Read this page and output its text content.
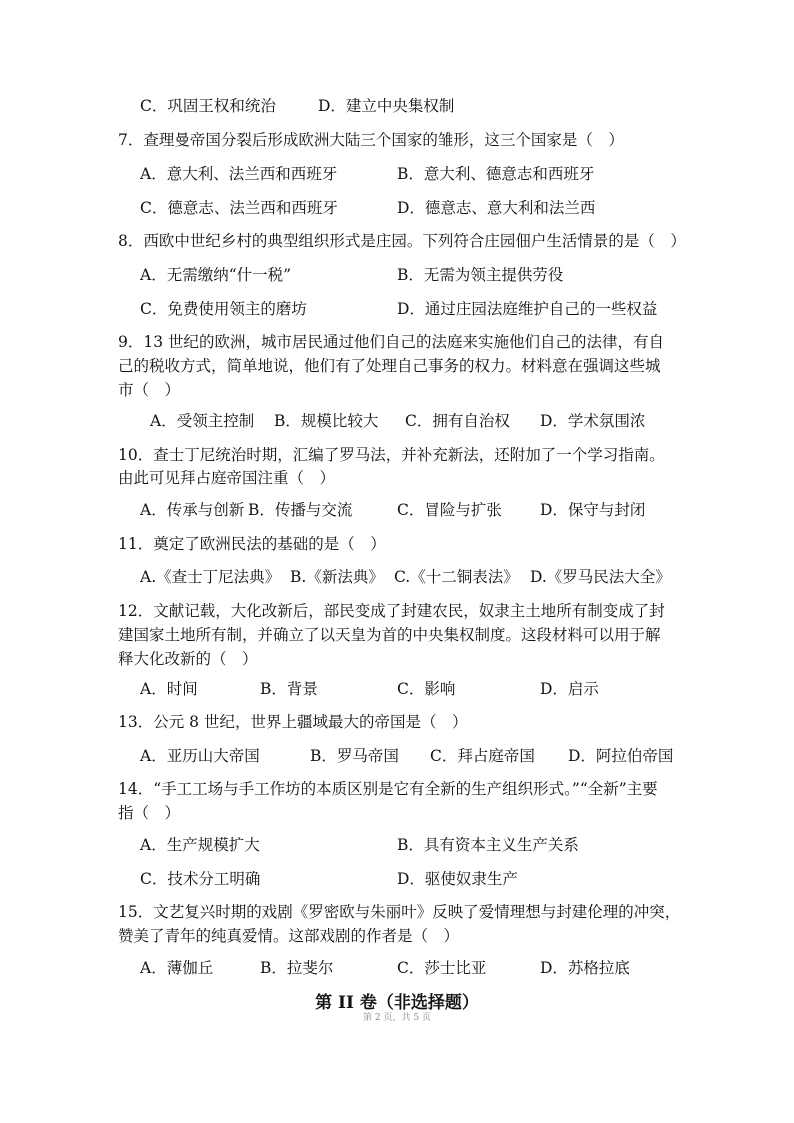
C．巩固王权和统治	D．建立中央集权制
7．查理曼帝国分裂后形成欧洲大陆三个国家的雏形，这三个国家是（　）
A．意大利、法兰西和西班牙	B．意大利、德意志和西班牙
C．德意志、法兰西和西班牙	D．德意志、意大利和法兰西
8．西欧中世纪乡村的典型组织形式是庄园。下列符合庄园佃户生活情景的是（　）
A．无需缴纳“什一税”	B．无需为领主提供劳役
C．免费使用领主的磨坊	D．通过庄园法庭维护自己的一些权益
9．13 世纪的欧洲，城市居民通过他们自己的法庭来实施他们自己的法律，有自
己的税收方式，简单地说，他们有了处理自己事务的权力。材料意在强调这些城
市（　）
A．受领主控制 B．规模比较大 C．拥有自治权 D．学术氛围浓
10．查士丁尼统治时期，汇编了罗马法，并补充新法，还附加了一个学习指南。
由此可见拜占庭帝国注重（　）
A．传承与创新 B．传播与交流	C．冒险与扩张 D．保守与封闭
11．奠定了欧洲民法的基础的是（　）
A.《查士丁尼法典》 B.《新法典》 C.《十二铜表法》 D.《罗马民法大全》
12．文献记载，大化改新后，部民变成了封建农民，奴隶主土地所有制变成了封
建国家土地所有制，并确立了以天皇为首的中央集权制度。这段材料可以用于解
释大化改新的（　）
A．时间	B．背景	C．影响	D．启示
13．公元 8 世纪，世界上疆域最大的帝国是（　）
A．亚历山大帝国	B．罗马帝国 C．拜占庭帝国 D．阿拉伯帝国
14．“手工工场与手工作坊的本质区别是它有全新的生产组织形式。”“全新”主要
指（　）
A．生产规模扩大	B．具有资本主义生产关系
C．技术分工明确	D．驱使奴隶生产
15．文艺复兴时期的戏剧《罗密欧与朱丽叶》反映了爱情理想与封建伦理的冲突，
赞美了青年的纯真爱情。这部戏剧的作者是（　）
A．薄伽丘	B．拉斐尔	C．莎士比亚	D．苏格拉底
第 II 卷（非选择题）
第 2 页，共 5 页
